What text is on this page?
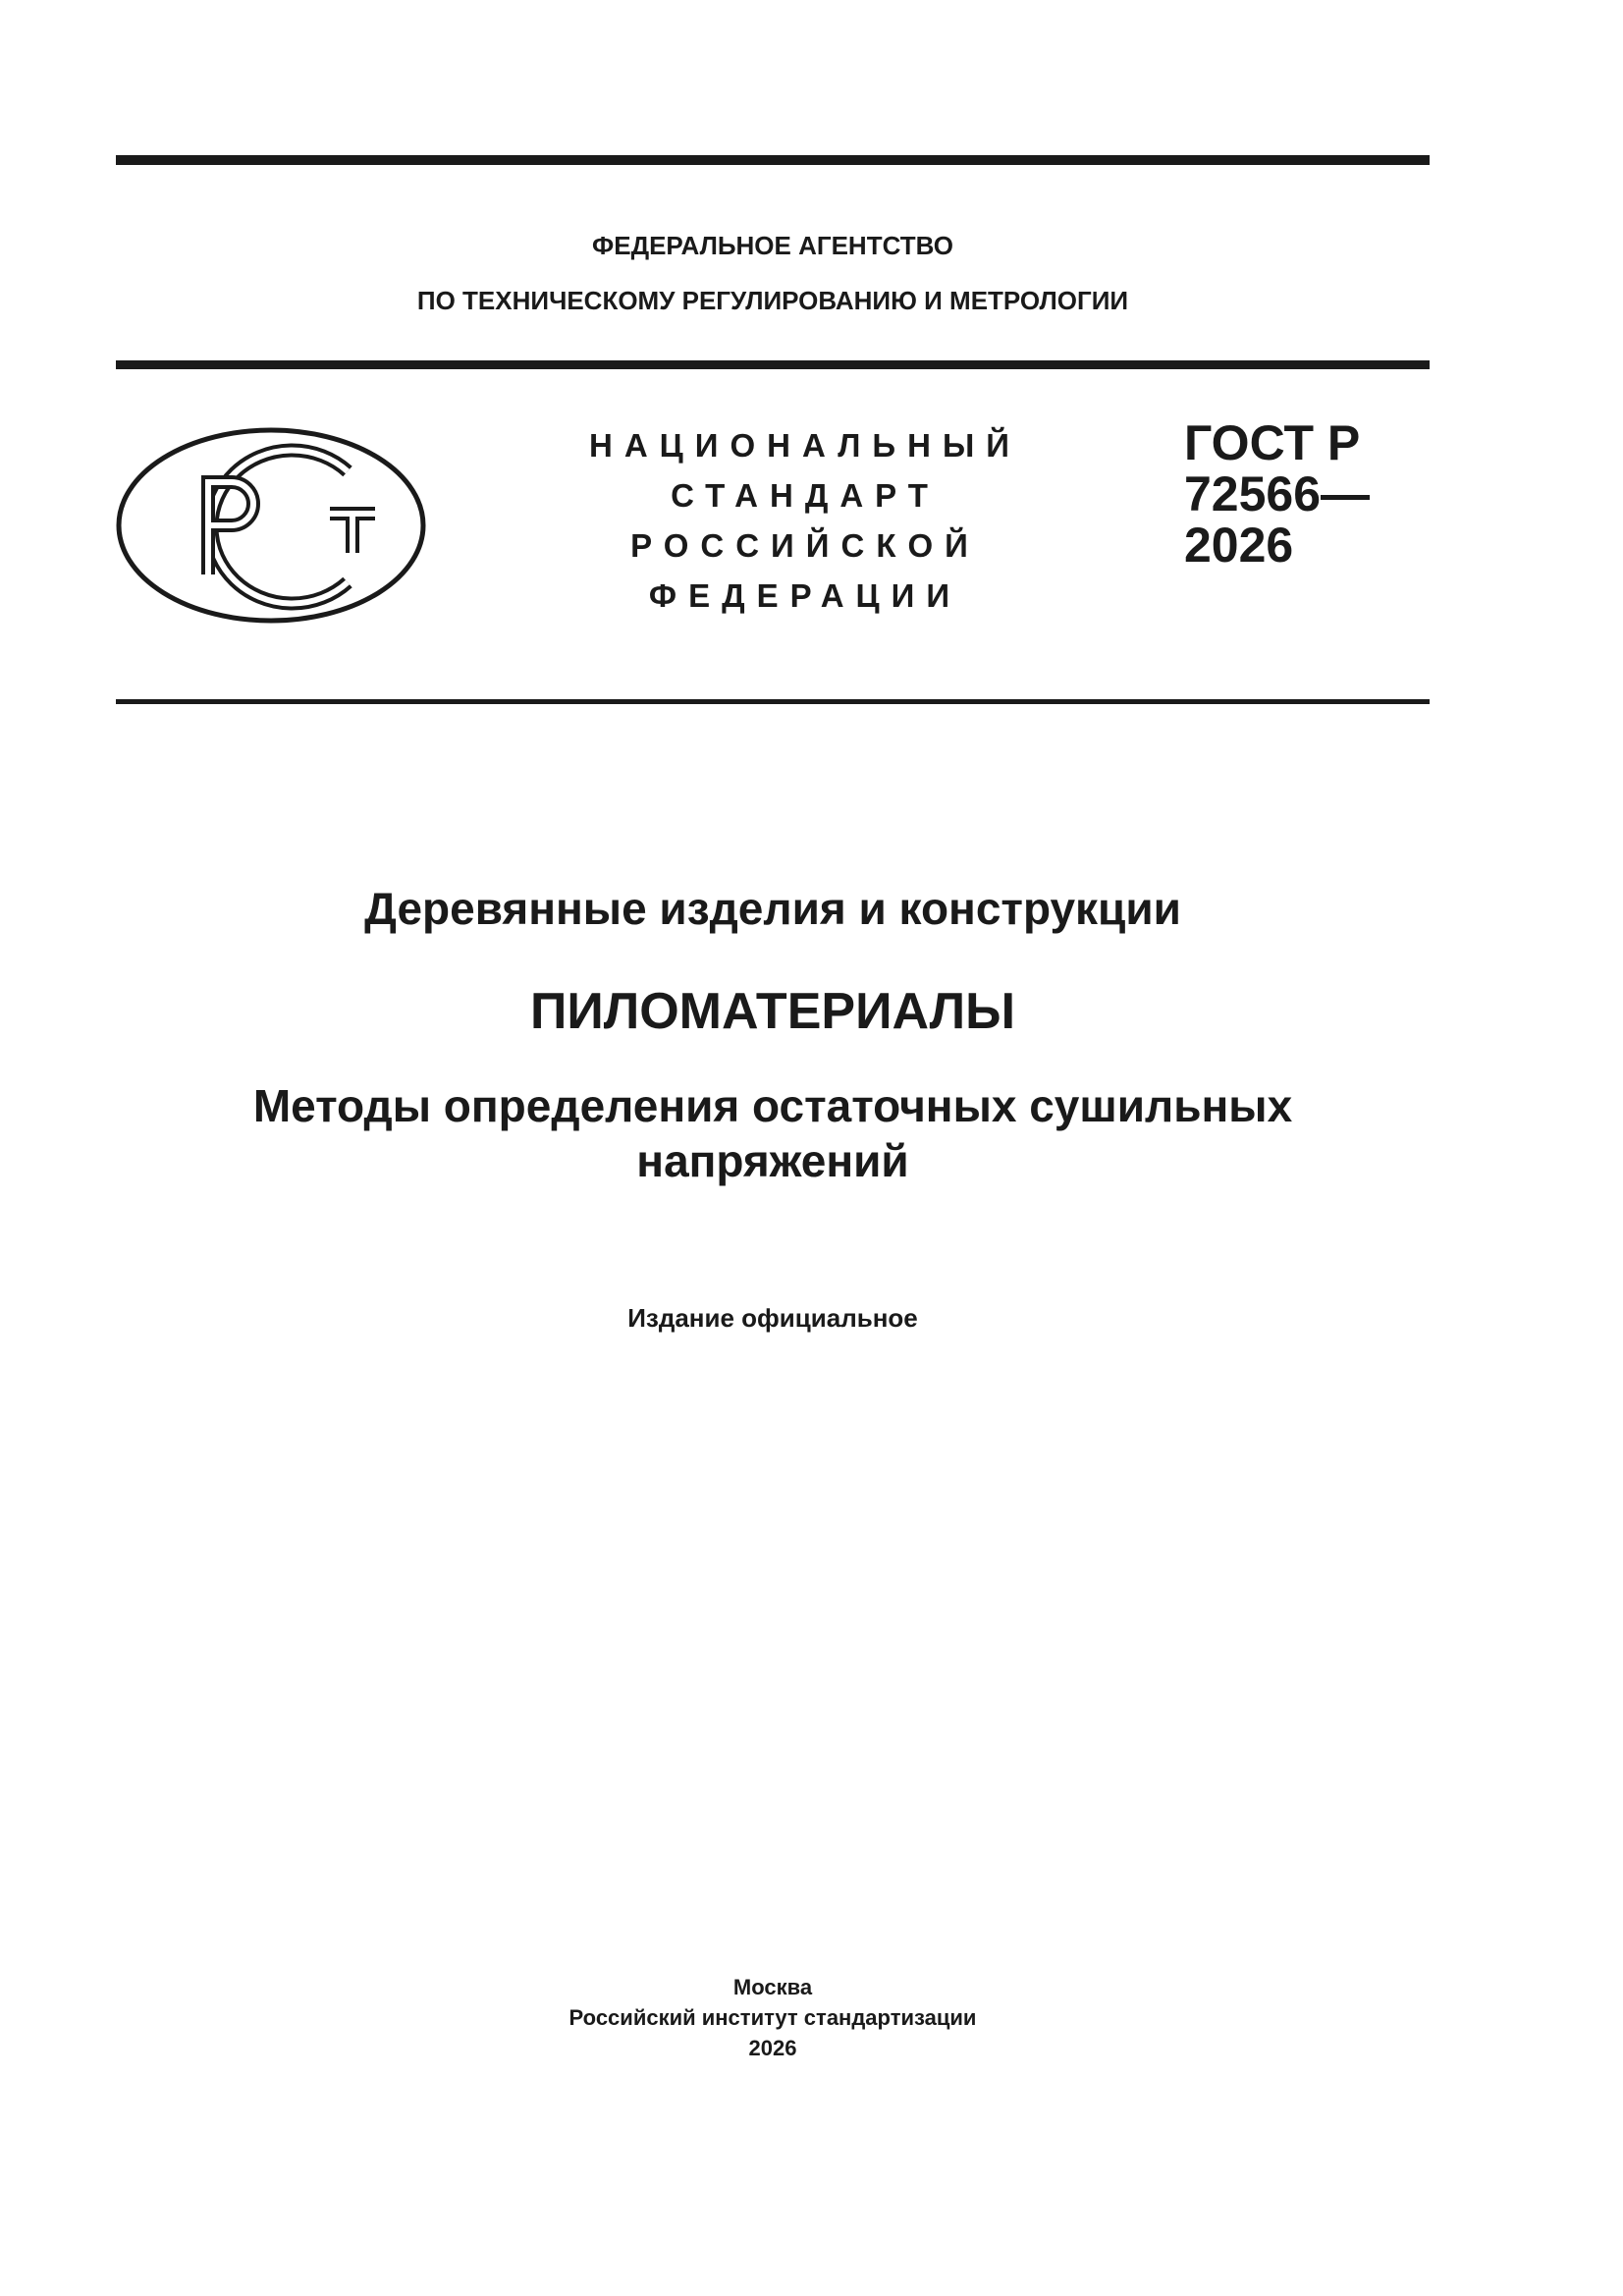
ФЕДЕРАЛЬНОЕ АГЕНТСТВО
ПО ТЕХНИЧЕСКОМУ РЕГУЛИРОВАНИЮ И МЕТРОЛОГИИ
НАЦИОНАЛЬНЫЙ
СТАНДАРТ
РОССИЙСКОЙ
ФЕДЕРАЦИИ
ГОСТ Р
72566—
2026
Деревянные изделия и конструкции
ПИЛОМАТЕРИАЛЫ
Методы определения остаточных сушильных
напряжений
Издание официальное
Москва
Российский институт стандартизации
2026
